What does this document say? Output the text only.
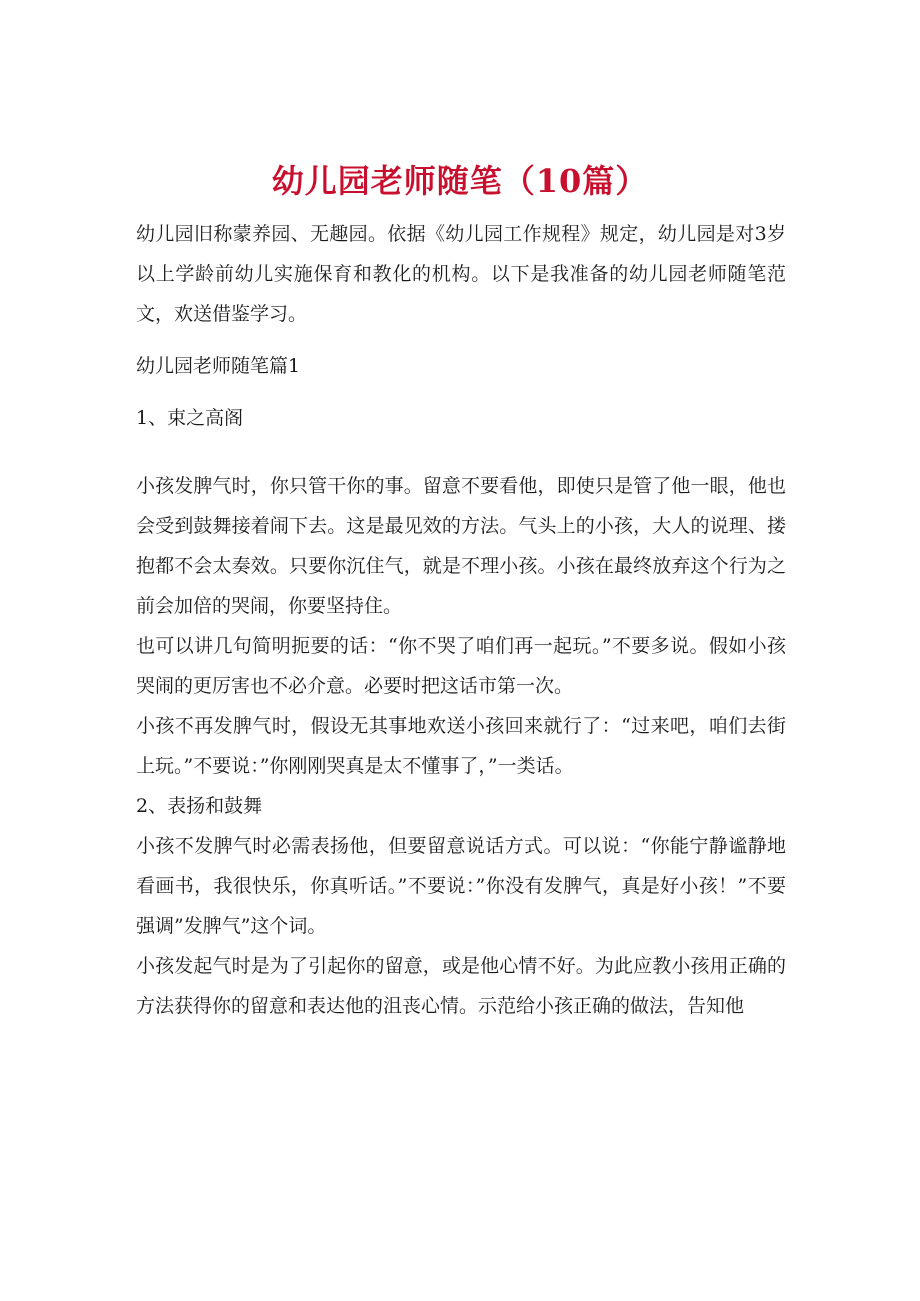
幼儿园老师随笔（10篇）

幼儿园旧称蒙养园、无趣园。依据《幼儿园工作规程》规定，幼儿园是对3岁以上学龄前幼儿实施保育和教化的机构。以下是我准备的幼儿园老师随笔范文，欢送借鉴学习。

幼儿园老师随笔篇1

1、束之高阁

小孩发脾气时，你只管干你的事。留意不要看他，即使只是管了他一眼，他也会受到鼓舞接着闹下去。这是最见效的方法。气头上的小孩，大人的说理、搂抱都不会太奏效。只要你沉住气，就是不理小孩。小孩在最终放弃这个行为之前会加倍的哭闹，你要坚持住。

也可以讲几句简明扼要的话：“你不哭了咱们再一起玩。”不要多说。假如小孩哭闹的更厉害也不必介意。必要时把这话市第一次。

小孩不再发脾气时，假设无其事地欢送小孩回来就行了：“过来吧，咱们去街上玩。”不要说：”你刚刚哭真是太不懂事了，”一类话。

2、表扬和鼓舞

小孩不发脾气时必需表扬他，但要留意说话方式。可以说：“你能宁静谧静地看画书，我很快乐，你真听话。”不要说：”你没有发脾气，真是好小孩！”不要强调”发脾气”这个词。

小孩发起气时是为了引起你的留意，或是他心情不好。为此应教小孩用正确的方法获得你的留意和表达他的沮丧心情。示范给小孩正确的做法，告知他
